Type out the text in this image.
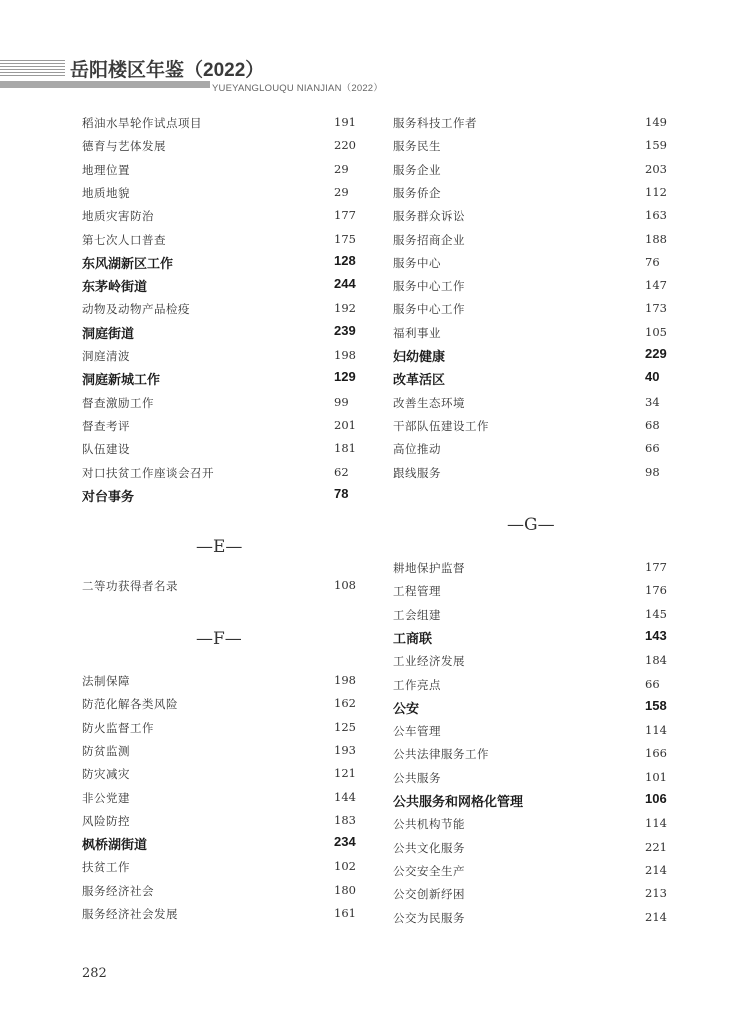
岳阳楼区年鉴（2022）
YUEYANGLOUQU NIANJIAN（2022）
稻油水旱轮作试点项目	191
德育与艺体发展	220
地理位置	29
地质地貌	29
地质灾害防治	177
第七次人口普查	175
东风湖新区工作	128
东茅岭街道	244
动物及动物产品检疫	192
洞庭街道	239
洞庭清波	198
洞庭新城工作	129
督查激励工作	99
督查考评	201
队伍建设	181
对口扶贫工作座谈会召开	62
对台事务	78
—E—
二等功获得者名录	108
—F—
法制保障	198
防范化解各类风险	162
防火监督工作	125
防贫监测	193
防灾减灾	121
非公党建	144
风险防控	183
枫桥湖街道	234
扶贫工作	102
服务经济社会	180
服务经济社会发展	161
服务科技工作者	149
服务民生	159
服务企业	203
服务侨企	112
服务群众诉讼	163
服务招商企业	188
服务中心	76
服务中心工作	147
服务中心工作	173
福利事业	105
妇幼健康	229
改革活区	40
改善生态环境	34
干部队伍建设工作	68
高位推动	66
跟线服务	98
—G—
耕地保护监督	177
工程管理	176
工会组建	145
工商联	143
工业经济发展	184
工作亮点	66
公安	158
公车管理	114
公共法律服务工作	166
公共服务	101
公共服务和网格化管理	106
公共机构节能	114
公共文化服务	221
公交安全生产	214
公交创新纾困	213
公交为民服务	214
282
